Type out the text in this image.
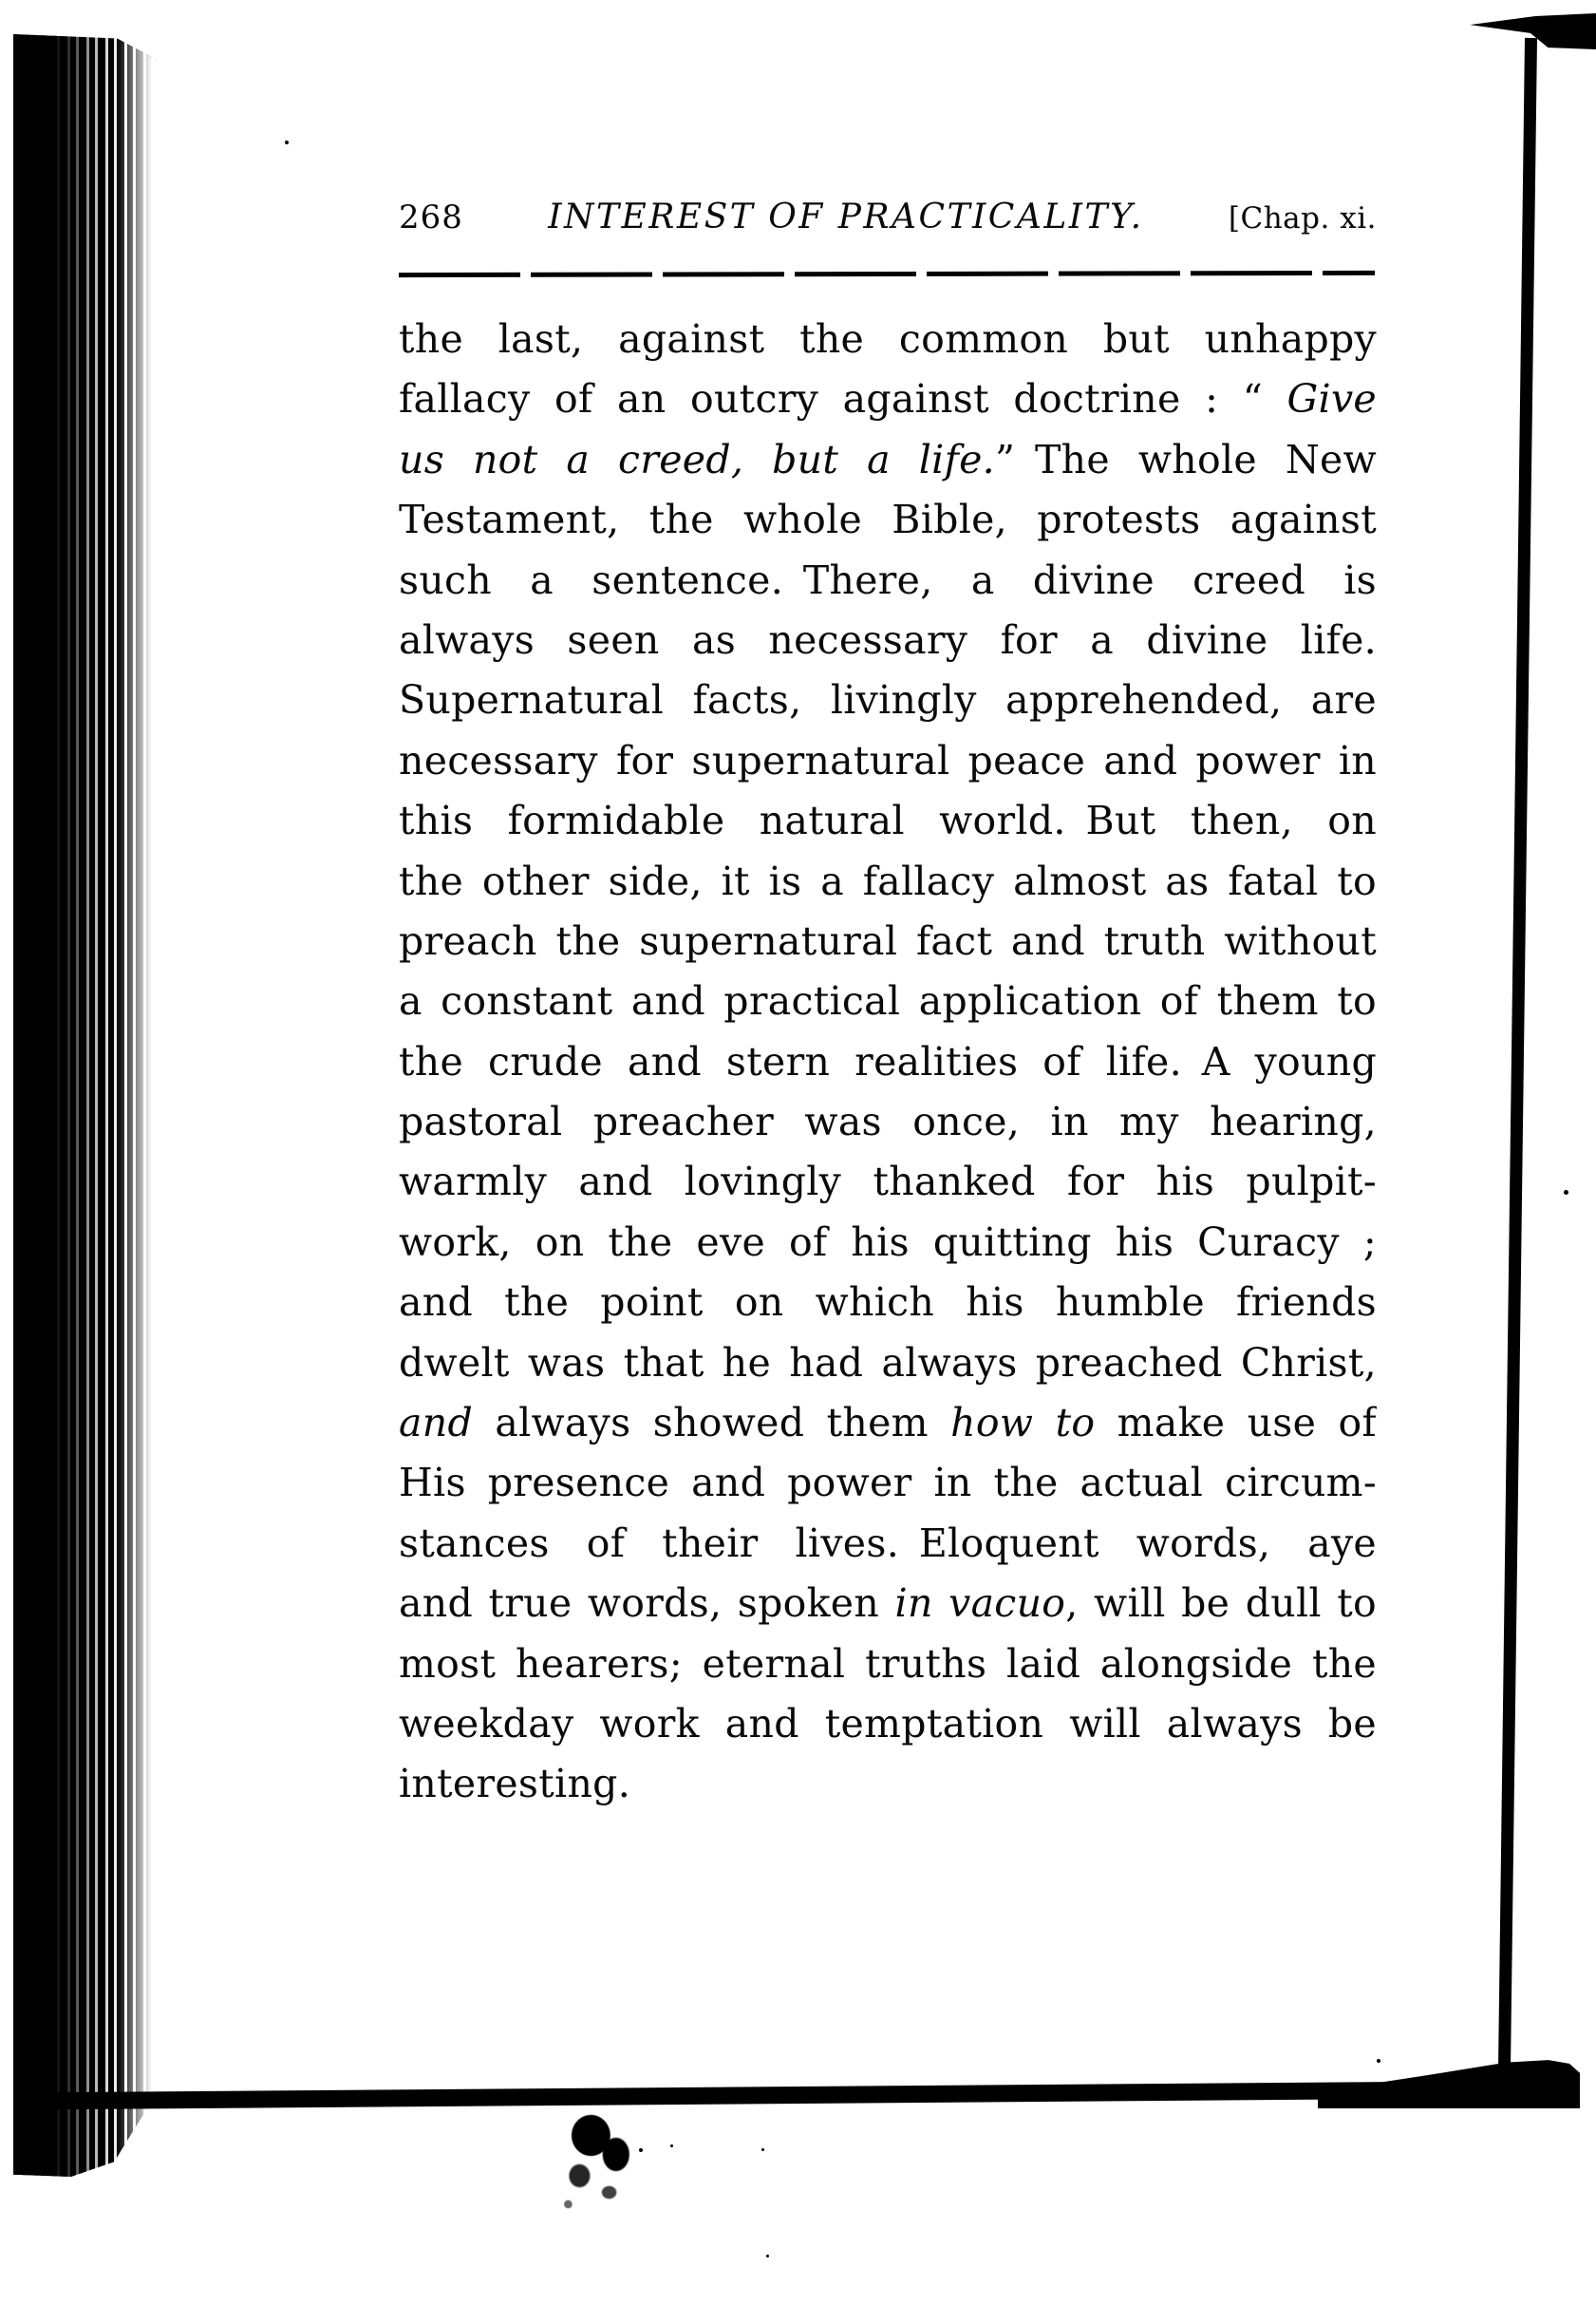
268 INTEREST OF PRACTICALITY.	[Chap. xi.
the last, against the common but unhappy
fallacy of an outcry against doctrine : “ Give
us not a creed, but a life.” The whole New
Testament, the whole Bible, protests against
such a sentence. There, a divine creed is
always seen as necessary for a divine life.
Supernatural facts, livingly apprehended, are
necessary for supernatural peace and power in
this formidable natural world. But then, on
the other side, it is a fallacy almost as fatal to
preach the supernatural fact and truth without
a constant and practical application of them to
the crude and stern realities of life. A young
pastoral preacher was once, in my hearing,
warmly and lovingly thanked for his pulpit-
work, on the eve of his quitting his Curacy ;
and the point on which his humble friends
dwelt was that he had always preached Christ,
and always showed them how to make use of
His presence and power in the actual circum-
stances of their lives. Eloquent words, aye
and true words, spoken in vacuo, will be dull to
most hearers; eternal truths laid alongside the
weekday work and temptation will always be
interesting.
